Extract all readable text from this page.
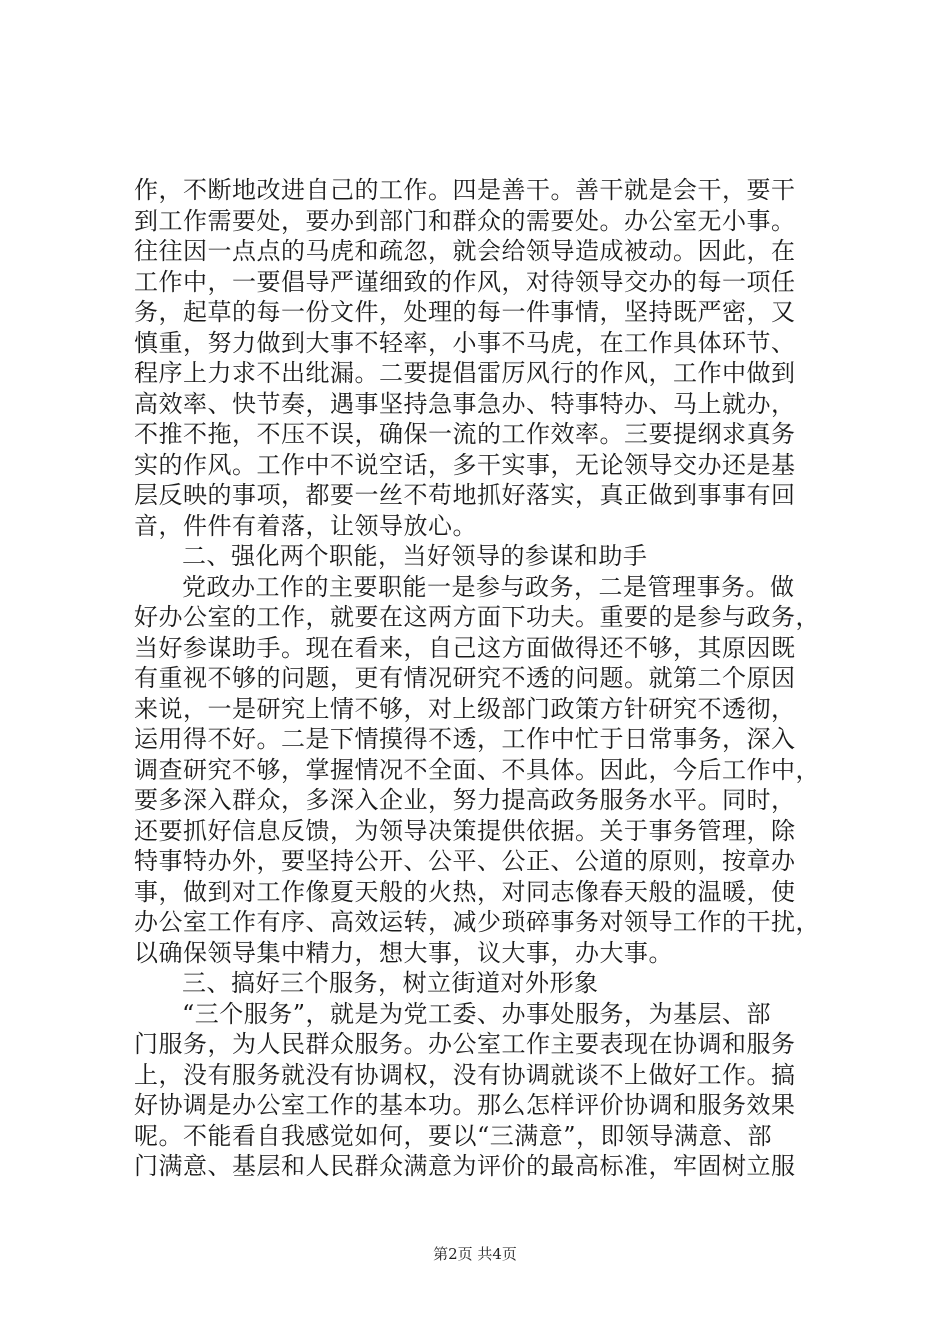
作，不断地改进自己的工作。四是善干。善干就是会干，要干
到工作需要处，要办到部门和群众的需要处。办公室无小事。
往往因一点点的马虎和疏忽，就会给领导造成被动。因此，在
工作中，一要倡导严谨细致的作风，对待领导交办的每一项任
务，起草的每一份文件，处理的每一件事情，坚持既严密，又
慎重，努力做到大事不轻率，小事不马虎，在工作具体环节、
程序上力求不出纰漏。二要提倡雷厉风行的作风，工作中做到
高效率、快节奏，遇事坚持急事急办、特事特办、马上就办，
不推不拖，不压不误，确保一流的工作效率。三要提纲求真务
实的作风。工作中不说空话，多干实事，无论领导交办还是基
层反映的事项，都要一丝不苟地抓好落实，真正做到事事有回
音，件件有着落，让领导放心。
二、强化两个职能，当好领导的参谋和助手
党政办工作的主要职能一是参与政务，二是管理事务。做
好办公室的工作，就要在这两方面下功夫。重要的是参与政务，
当好参谋助手。现在看来，自己这方面做得还不够，其原因既
有重视不够的问题，更有情况研究不透的问题。就第二个原因
来说，一是研究上情不够，对上级部门政策方针研究不透彻，
运用得不好。二是下情摸得不透，工作中忙于日常事务，深入
调查研究不够，掌握情况不全面、不具体。因此，今后工作中，
要多深入群众，多深入企业，努力提高政务服务水平。同时，
还要抓好信息反馈，为领导决策提供依据。关于事务管理，除
特事特办外，要坚持公开、公平、公正、公道的原则，按章办
事，做到对工作像夏天般的火热，对同志像春天般的温暖，使
办公室工作有序、高效运转，减少琐碎事务对领导工作的干扰，
以确保领导集中精力，想大事，议大事，办大事。
三、搞好三个服务，树立街道对外形象
“三个服务”，就是为党工委、办事处服务，为基层、部
门服务，为人民群众服务。办公室工作主要表现在协调和服务
上，没有服务就没有协调权，没有协调就谈不上做好工作。搞
好协调是办公室工作的基本功。那么怎样评价协调和服务效果
呢。不能看自我感觉如何，要以“三满意”，即领导满意、部
门满意、基层和人民群众满意为评价的最高标准，牢固树立服
第2页 共4页
